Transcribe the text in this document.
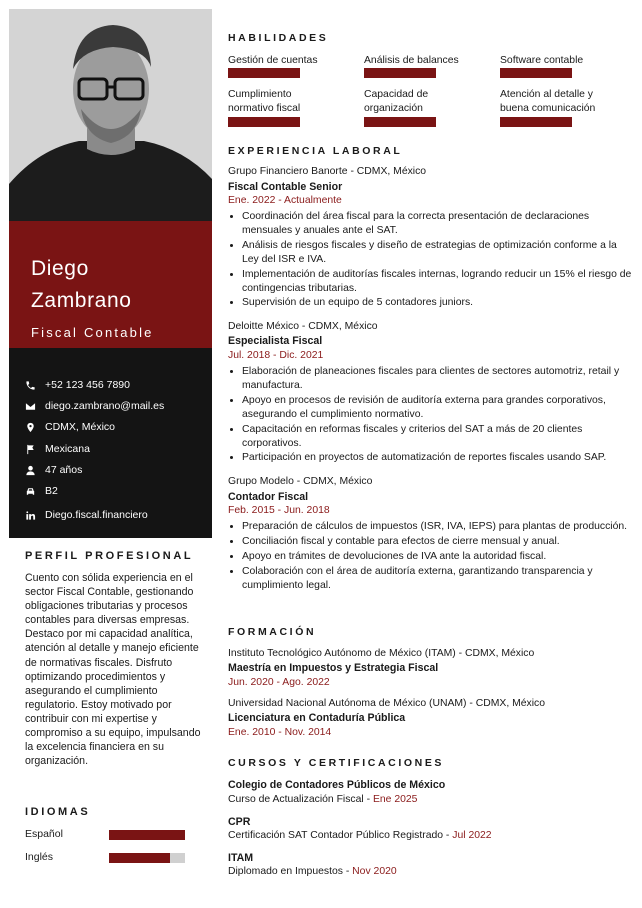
Diego
Zambrano
Fiscal Contable
+52 123 456 7890
diego.zambrano@mail.es
CDMX, México
Mexicana
47 años
B2
Diego.fiscal.financiero
PERFIL PROFESIONAL
Cuento con sólida experiencia en el sector Fiscal Contable, gestionando obligaciones tributarias y procesos contables para diversas empresas. Destaco por mi capacidad analítica, atención al detalle y manejo eficiente de normativas fiscales. Disfruto optimizando procedimientos y asegurando el cumplimiento regulatorio. Estoy motivado por contribuir con mi expertise y compromiso a su equipo, impulsando la excelencia financiera en su organización.
IDIOMAS
Español
Inglés
HABILIDADES
Gestión de cuentas	Análisis de balances	Software contable
Cumplimiento normativo fiscal
Capacidad de organización
Atención al detalle y buena comunicación
EXPERIENCIA LABORAL
Grupo Financiero Banorte - CDMX, México
Fiscal Contable Senior
Ene. 2022 - Actualmente
• Coordinación del área fiscal para la correcta presentación de declaraciones mensuales y anuales ante el SAT.
• Análisis de riesgos fiscales y diseño de estrategias de optimización conforme a la Ley del ISR e IVA.
• Implementación de auditorías fiscales internas, logrando reducir un 15% el riesgo de contingencias tributarias.
• Supervisión de un equipo de 5 contadores juniors.
Deloitte México - CDMX, México
Especialista Fiscal
Jul. 2018 - Dic. 2021
• Elaboración de planeaciones fiscales para clientes de sectores automotriz, retail y manufactura.
• Apoyo en procesos de revisión de auditoría externa para grandes corporativos, asegurando el cumplimiento normativo.
• Capacitación en reformas fiscales y criterios del SAT a más de 20 clientes corporativos.
• Participación en proyectos de automatización de reportes fiscales usando SAP.
Grupo Modelo - CDMX, México
Contador Fiscal
Feb. 2015 - Jun. 2018
• Preparación de cálculos de impuestos (ISR, IVA, IEPS) para plantas de producción.
• Conciliación fiscal y contable para efectos de cierre mensual y anual.
• Apoyo en trámites de devoluciones de IVA ante la autoridad fiscal.
• Colaboración con el área de auditoría externa, garantizando transparencia y cumplimiento legal.
FORMACIÓN
Instituto Tecnológico Autónomo de México (ITAM) - CDMX, México
Maestría en Impuestos y Estrategia Fiscal
Jun. 2020 - Ago. 2022
Universidad Nacional Autónoma de México (UNAM) - CDMX, México
Licenciatura en Contaduría Pública
Ene. 2010 - Nov. 2014
CURSOS Y CERTIFICACIONES
Colegio de Contadores Públicos de México
Curso de Actualización Fiscal - Ene 2025
CPR
Certificación SAT Contador Público Registrado - Jul 2022
ITAM
Diplomado en Impuestos - Nov 2020
